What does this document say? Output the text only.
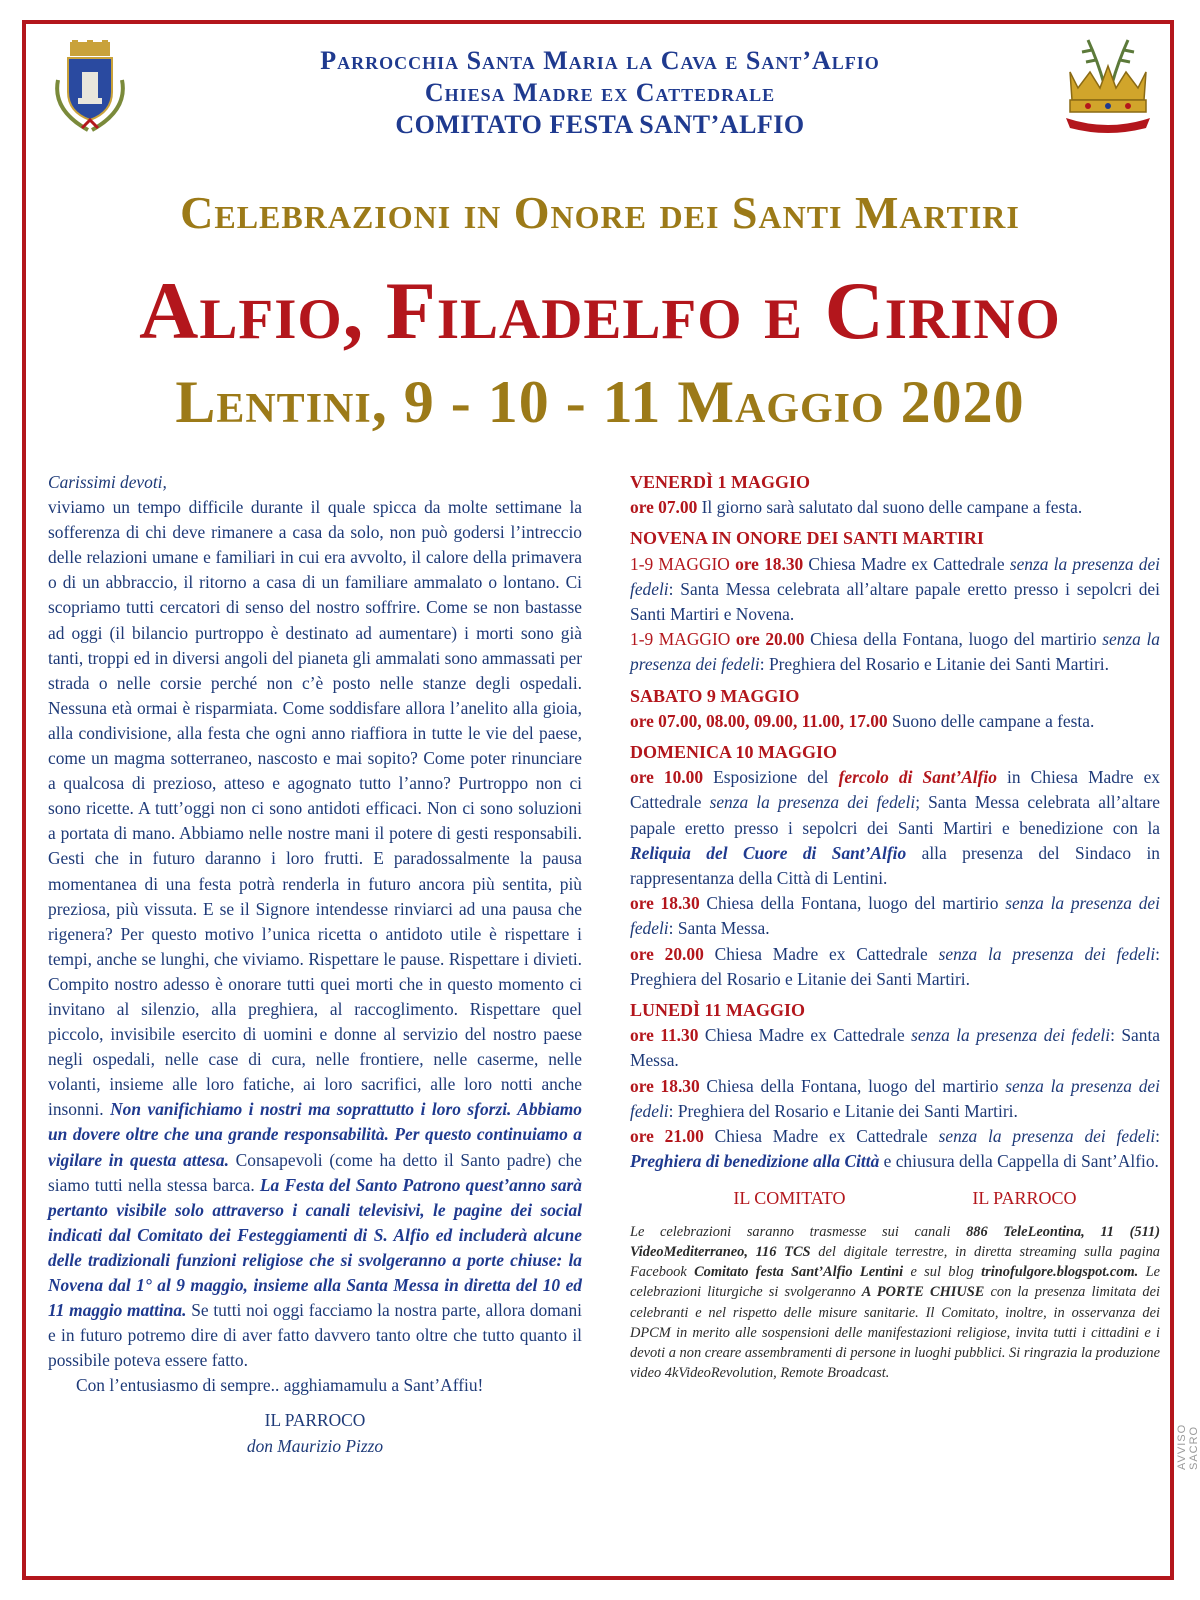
Parrocchia Santa Maria la Cava e Sant’Alfio
Chiesa Madre ex Cattedrale
COMITATO FESTA SANT’ALFIO
Celebrazioni in Onore dei Santi Martiri
Alfio, Filadelfo e Cirino
Lentini, 9 - 10 - 11 Maggio 2020

Carissimi devoti,

viviamo un tempo difficile durante il quale spicca da molte settimane la sofferenza di chi deve rimanere a casa da solo, non può godersi l’intreccio delle relazioni umane e familiari in cui era avvolto, il calore della primavera o di un abbraccio, il ritorno a casa di un familiare ammalato o lontano. Ci scopriamo tutti cercatori di senso del nostro soffrire. Come se non bastasse ad oggi (il bilancio purtroppo è destinato ad aumentare) i morti sono già tanti, troppi ed in diversi angoli del pianeta gli ammalati sono ammassati per strada o nelle corsie perché non c’è posto nelle stanze degli ospedali. Nessuna età ormai è risparmiata. Come soddisfare allora l’anelito alla gioia, alla condivisione, alla festa che ogni anno riaffiora in tutte le vie del paese, come un magma sotterraneo, nascosto e mai sopito? Come poter rinunciare a qualcosa di prezioso, atteso e agognato tutto l’anno? Purtroppo non ci sono ricette. A tutt’oggi non ci sono antidoti efficaci. Non ci sono soluzioni a portata di mano. Abbiamo nelle nostre mani il potere di gesti responsabili. Gesti che in futuro daranno i loro frutti. E paradossalmente la pausa momentanea di una festa potrà renderla in futuro ancora più sentita, più preziosa, più vissuta. E se il Signore intendesse rinviarci ad una pausa che rigenera? Per questo motivo l’unica ricetta o antidoto utile è rispettare i tempi, anche se lunghi, che viviamo. Rispettare le pause. Rispettare i divieti. Compito nostro adesso è onorare tutti quei morti che in questo momento ci invitano al silenzio, alla preghiera, al raccoglimento. Rispettare quel piccolo, invisibile esercito di uomini e donne al servizio del nostro paese negli ospedali, nelle case di cura, nelle frontiere, nelle caserme, nelle volanti, insieme alle loro fatiche, ai loro sacrifici, alle loro notti anche insonni. Non vanifichiamo i nostri ma soprattutto i loro sforzi. Abbiamo un dovere oltre che una grande responsabilità. Per questo continuiamo a vigilare in questa attesa. Consapevoli (come ha detto il Santo padre) che siamo tutti nella stessa barca. La Festa del Santo Patrono quest’anno sarà pertanto visibile solo attraverso i canali televisivi, le pagine dei social indicati dal Comitato dei Festeggiamenti di S. Alfio ed includerà alcune delle tradizionali funzioni religiose che si svolgeranno a porte chiuse: la Novena dal 1° al 9 maggio, insieme alla Santa Messa in diretta del 10 ed 11 maggio mattina. Se tutti noi oggi facciamo la nostra parte, allora domani e in futuro potremo dire di aver fatto davvero tanto oltre che tutto quanto il possibile poteva essere fatto.

Con l’entusiasmo di sempre.. agghiamamulu a Sant’Affiu!

IL PARROCO
don Maurizio Pizzo
VENERDÌ 1 MAGGIO

ore 07.00 Il giorno sarà salutato dal suono delle campane a festa.

NOVENA IN ONORE DEI SANTI MARTIRI

1-9 MAGGIO ore 18.30 Chiesa Madre ex Cattedrale senza la presenza dei fedeli: Santa Messa celebrata all’altare papale eretto presso i sepolcri dei Santi Martiri e Novena.

1-9 MAGGIO ore 20.00 Chiesa della Fontana, luogo del martirio senza la presenza dei fedeli: Preghiera del Rosario e Litanie dei Santi Martiri.

SABATO 9 MAGGIO

ore 07.00, 08.00, 09.00, 11.00, 17.00 Suono delle campane a festa.

DOMENICA 10 MAGGIO

ore 10.00 Esposizione del fercolo di Sant’Alfio in Chiesa Madre ex Cattedrale senza la presenza dei fedeli; Santa Messa celebrata all’altare papale eretto presso i sepolcri dei Santi Martiri e benedizione con la Reliquia del Cuore di Sant’Alfio alla presenza del Sindaco in rappresentanza della Città di Lentini.

ore 18.30 Chiesa della Fontana, luogo del martirio senza la presenza dei fedeli: Santa Messa.

ore 20.00 Chiesa Madre ex Cattedrale senza la presenza dei fedeli: Preghiera del Rosario e Litanie dei Santi Martiri.

LUNEDÌ 11 MAGGIO

ore 11.30 Chiesa Madre ex Cattedrale senza la presenza dei fedeli: Santa Messa.

ore 18.30 Chiesa della Fontana, luogo del martirio senza la presenza dei fedeli: Preghiera del Rosario e Litanie dei Santi Martiri.

ore 21.00 Chiesa Madre ex Cattedrale senza la presenza dei fedeli: Preghiera di benedizione alla Città e chiusura della Cappella di Sant’Alfio.

IL COMITATO	IL PARROCO

Le celebrazioni saranno trasmesse sui canali 886 TeleLeontina, 11 (511) VideoMediterraneo, 116 TCS del digitale terrestre, in diretta streaming sulla pagina Facebook Comitato festa Sant’Alfio Lentini e sul blog trinofulgore.blogspot.com. Le celebrazioni liturgiche si svolgeranno A PORTE CHIUSE con la presenza limitata dei celebranti e nel rispetto delle misure sanitarie. Il Comitato, inoltre, in osservanza dei DPCM in merito alle sospensioni delle manifestazioni religiose, invita tutti i cittadini e i devoti a non creare assembramenti di persone in luoghi pubblici. Si ringrazia la produzione video 4kVideoRevolution, Remote Broadcast.

AVVISO SACRO
